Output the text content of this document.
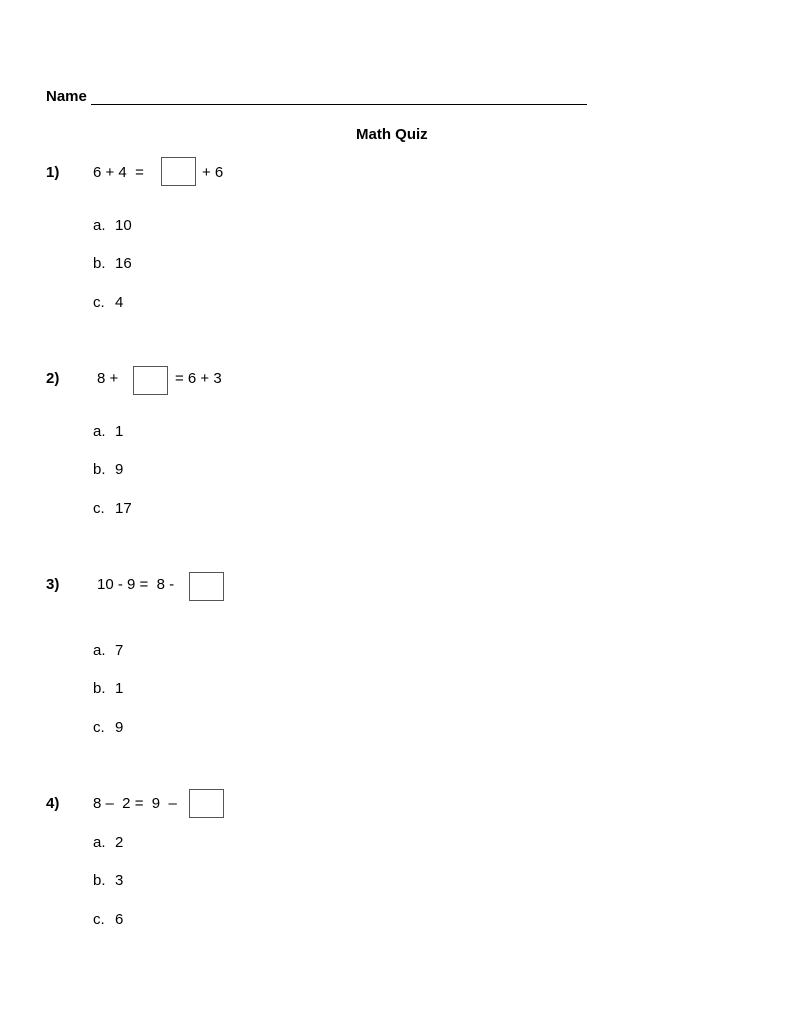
Name
Math Quiz
1) 6 + 4  =	+ 6
a. 10
b. 16
c. 4
2)	8 +	= 6 + 3
a. 1
b. 9
c. 17
3)	10 - 9 =  8 -
a. 7
b. 1
c. 9
4) 8 –  2 =  9  –
a. 2
b. 3
c. 6
